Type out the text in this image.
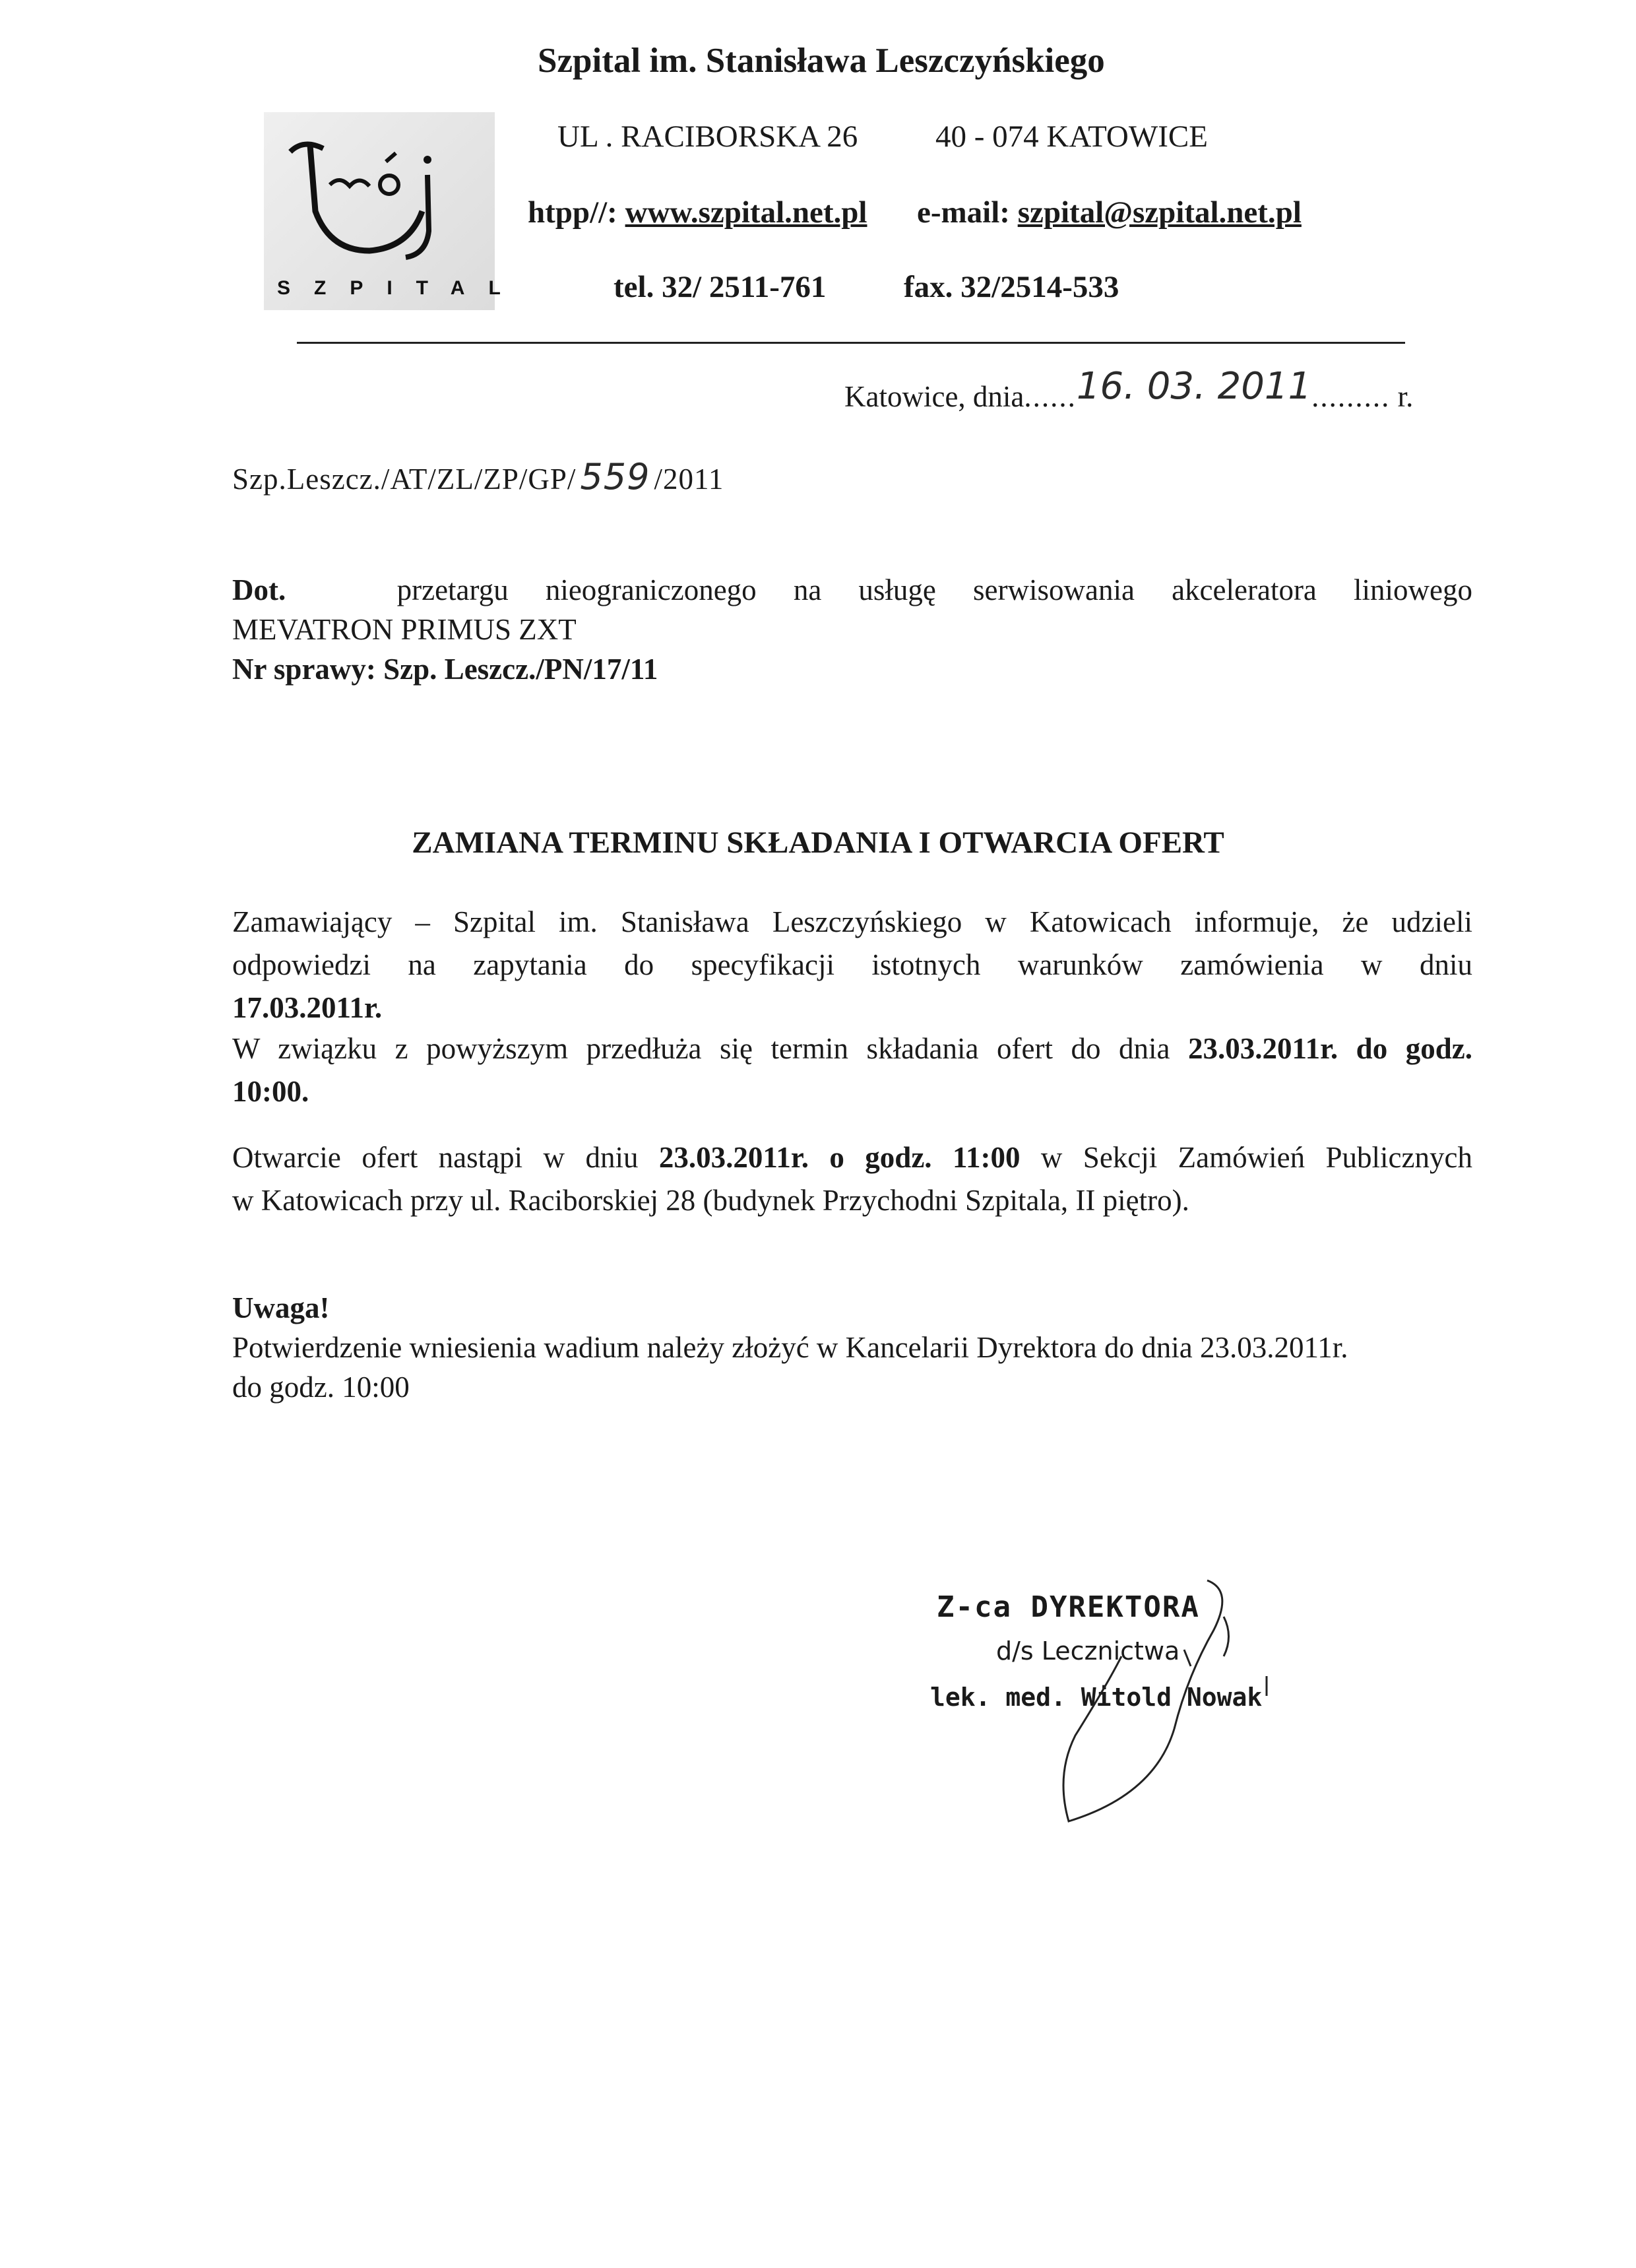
SZPITAL
Szpital im. Stanisława Leszczyńskiego
UL . RACIBORSKA 26	40 - 074 KATOWICE
htpp//: www.szpital.net.pl e-mail: szpital@szpital.net.pl
tel. 32/ 2511-761	fax. 32/2514-533
Katowice, dnia......16. 03. 2011......... r.
Szp.Leszcz./AT/ZL/ZP/GP/ 559 /2011
Dot.	przetargu nieograniczonego na usługę serwisowania akceleratora liniowego
MEVATRON PRIMUS ZXT
Nr sprawy: Szp. Leszcz./PN/17/11
ZAMIANA TERMINU SKŁADANIA I OTWARCIA OFERT
Zamawiający – Szpital im. Stanisława Leszczyńskiego w Katowicach informuje, że udzieli
odpowiedzi na zapytania do specyfikacji istotnych warunków zamówienia w dniu
17.03.2011r.
W związku z powyższym przedłuża się termin składania ofert do dnia 23.03.2011r. do godz.
10:00.
Otwarcie ofert nastąpi w dniu 23.03.2011r. o godz. 11:00 w Sekcji Zamówień Publicznych
w Katowicach przy ul. Raciborskiej 28 (budynek Przychodni Szpitala, II piętro).
Uwaga!
Potwierdzenie wniesienia wadium należy złożyć w Kancelarii Dyrektora do dnia 23.03.2011r.
do godz. 10:00
Z-ca DYREKTORA
d/s Lecznictwa
lek. med. Witold Nowak
